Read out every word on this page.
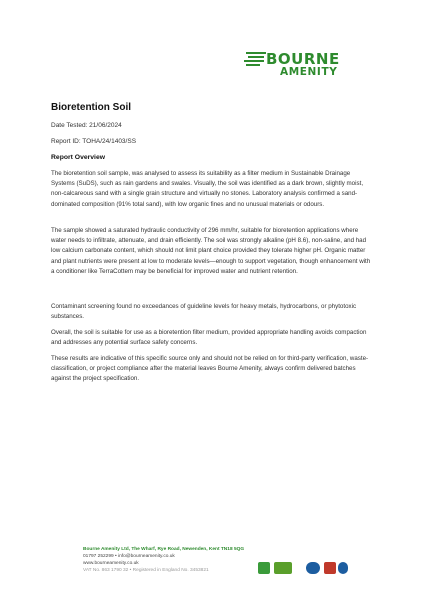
BOURNE
AMENITY
Bioretention Soil
Date Tested: 21/06/2024
Report ID: TOHA/24/1403/SS
Report Overview

The bioretention soil sample, was analysed to assess its suitability as a filter medium in Sustainable Drainage Systems (SuDS), such as rain gardens and swales. Visually, the soil was identified as a dark brown, slightly moist, non-calcareous sand with a single grain structure and virtually no stones. Laboratory analysis confirmed a sand-dominated composition (91% total sand), with low organic fines and no unusual materials or odours.

The sample showed a saturated hydraulic conductivity of 296 mm/hr, suitable for bioretention applications where water needs to infiltrate, attenuate, and drain efficiently. The soil was strongly alkaline (pH 8.6), non-saline, and had low calcium carbonate content, which should not limit plant choice provided they tolerate higher pH. Organic matter and plant nutrients were present at low to moderate levels—enough to support vegetation, though enhancement with a conditioner like TerraCottem may be beneficial for improved water and nutrient retention.

Contaminant screening found no exceedances of guideline levels for heavy metals, hydrocarbons, or phytotoxic substances.

Overall, the soil is suitable for use as a bioretention filter medium, provided appropriate handling avoids compaction and addresses any potential surface safety concerns.

These results are indicative of this specific source only and should not be relied on for third-party verification, waste-classification, or project compliance after the material leaves Bourne Amenity, always confirm delivered batches against the project specification.

Bourne Amenity Ltd, The Wharf, Rye Road, Newenden, Kent TN18 5QG
01797 252299 • info@bourneamenity.co.uk
www.bourneamenity.co.uk
VAT No. 863 1790 32 • Registered in England No. 3453821
